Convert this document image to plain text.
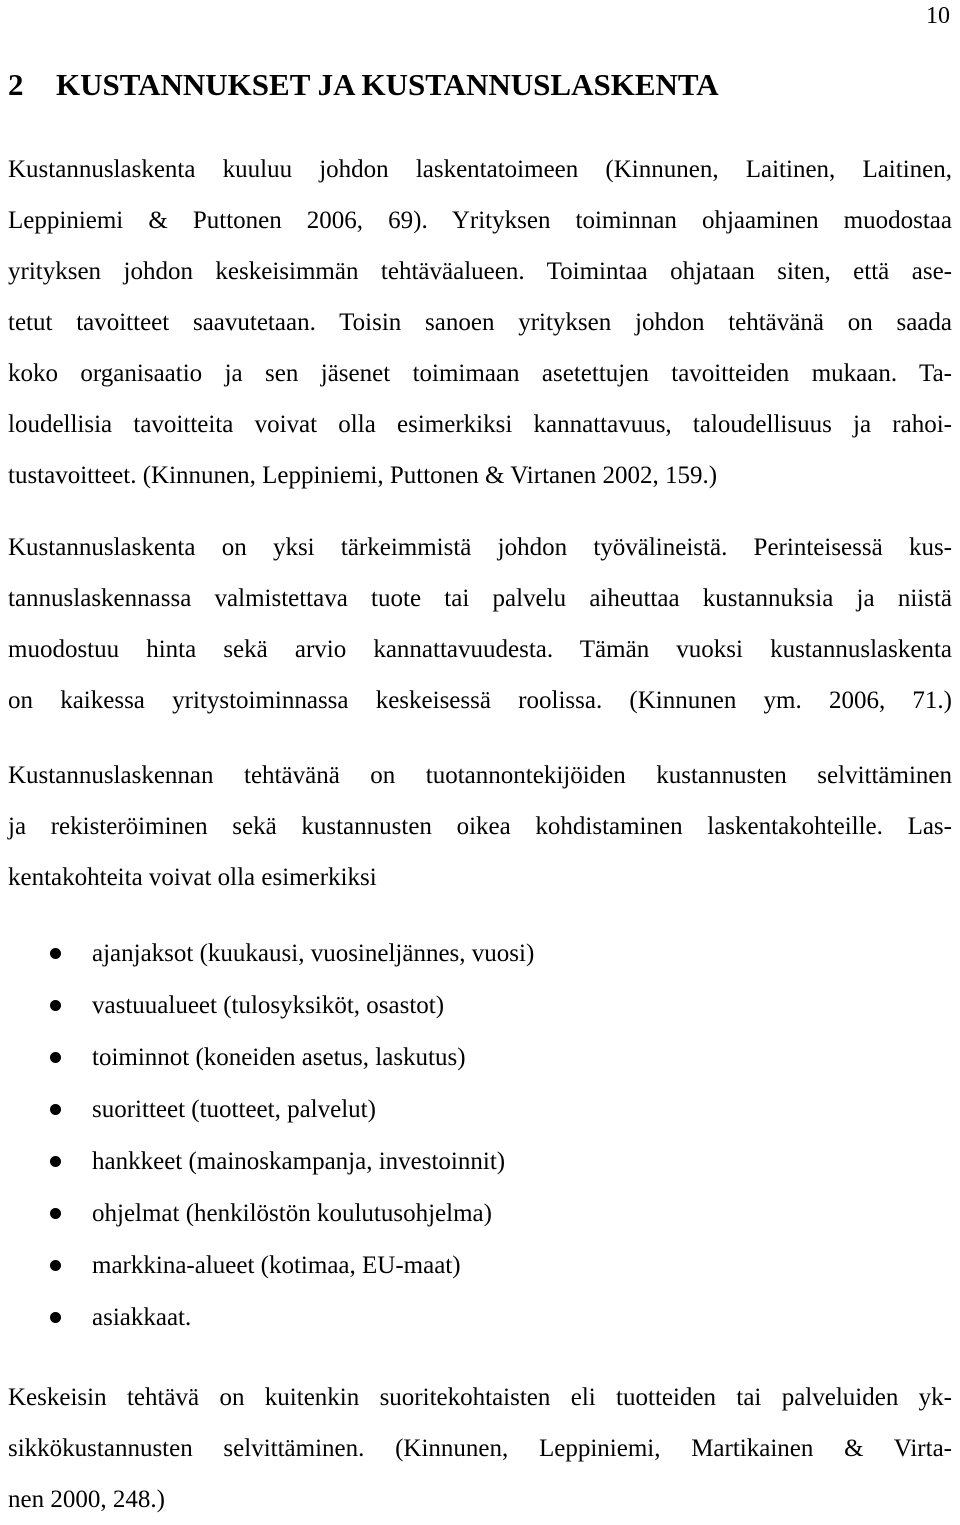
10
2 KUSTANNUKSET JA KUSTANNUSLASKENTA
Kustannuslaskenta kuuluu johdon laskentatoimeen (Kinnunen, Laitinen, Laitinen,
Leppiniemi & Puttonen 2006, 69). Yrityksen toiminnan ohjaaminen muodostaa
yrityksen johdon keskeisimmän tehtäväalueen. Toimintaa ohjataan siten, että ase-
tetut tavoitteet saavutetaan. Toisin sanoen yrityksen johdon tehtävänä on saada
koko organisaatio ja sen jäsenet toimimaan asetettujen tavoitteiden mukaan. Ta-
loudellisia tavoitteita voivat olla esimerkiksi kannattavuus, taloudellisuus ja rahoi-
tustavoitteet. (Kinnunen, Leppiniemi, Puttonen & Virtanen 2002, 159.)
Kustannuslaskenta on yksi tärkeimmistä johdon työvälineistä. Perinteisessä kus-
tannuslaskennassa valmistettava tuote tai palvelu aiheuttaa kustannuksia ja niistä
muodostuu hinta sekä arvio kannattavuudesta. Tämän vuoksi kustannuslaskenta
on kaikessa yritystoiminnassa keskeisessä roolissa. (Kinnunen ym. 2006, 71.)
Kustannuslaskennan tehtävänä on tuotannontekijöiden kustannusten selvittäminen
ja rekisteröiminen sekä kustannusten oikea kohdistaminen laskentakohteille. Las-
kentakohteita voivat olla esimerkiksi
ajanjaksot (kuukausi, vuosineljännes, vuosi)
vastuualueet (tulosyksiköt, osastot)
toiminnot (koneiden asetus, laskutus)
suoritteet (tuotteet, palvelut)
hankkeet (mainoskampanja, investoinnit)
ohjelmat (henkilöstön koulutusohjelma)
markkina-alueet (kotimaa, EU-maat)
asiakkaat.
Keskeisin tehtävä on kuitenkin suoritekohtaisten eli tuotteiden tai palveluiden yk-
sikkökustannusten selvittäminen. (Kinnunen, Leppiniemi, Martikainen & Virta-
nen 2000, 248.)
